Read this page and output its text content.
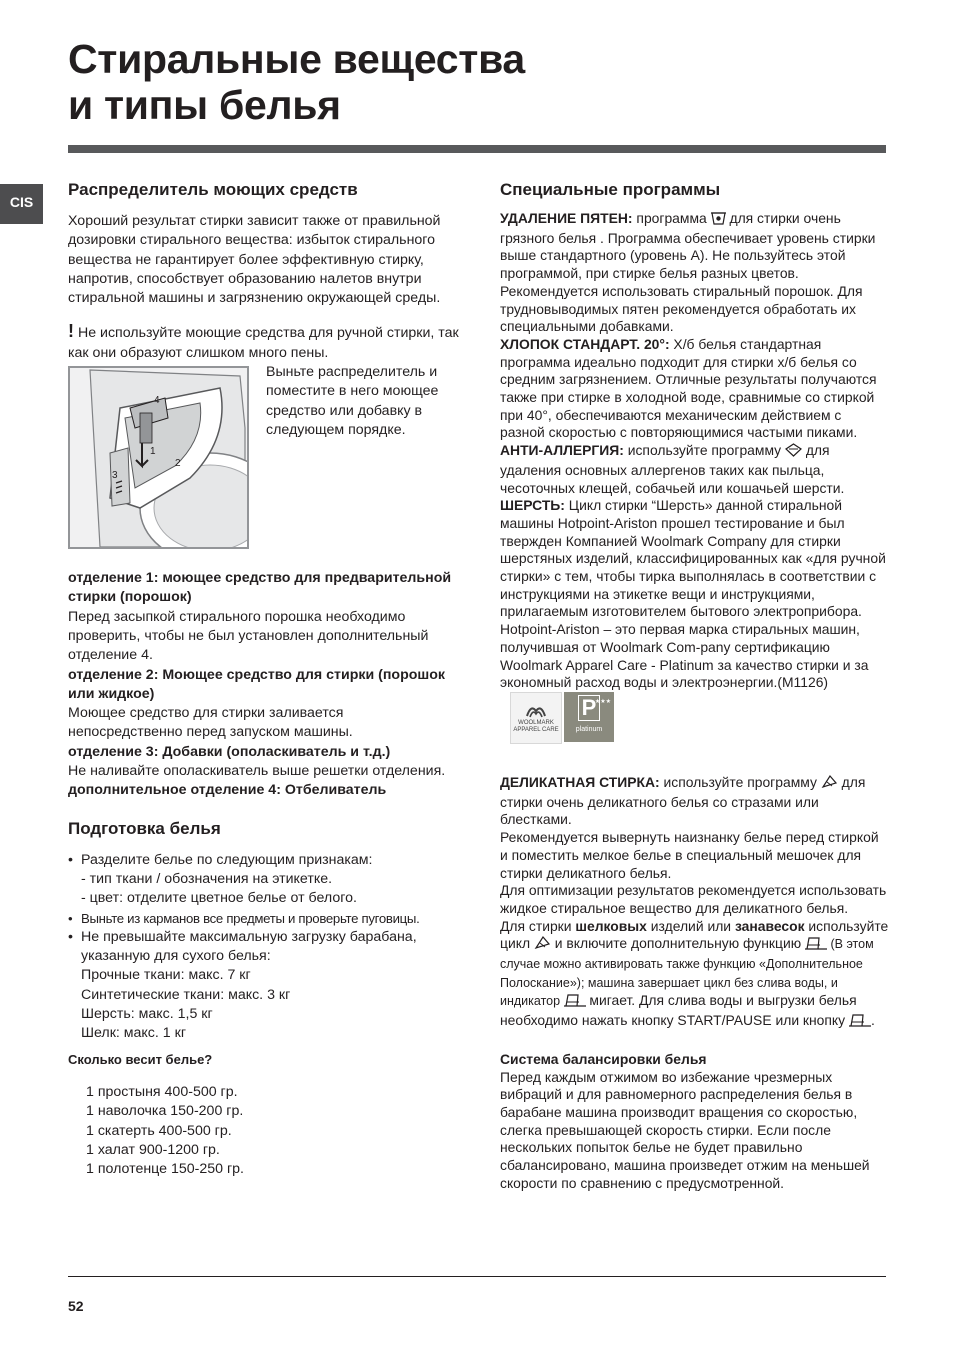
Стиральные вещества
и типы белья
CIS
Распределитель моющих средств

Хороший результат стирки зависит также от правильной дозировки стирального вещества: избыток стирального вещества не гарантирует более эффективную стирку, напротив, способствует образованию налетов внутри стиральной машины и загрязнению окружающей среды.

! Не используйте моющие средства для ручной стирки, так как они образуют слишком много пены.

4
1
2
3

Выньте распределитель и поместите в него моющее средство или добавку в следующем порядке.

отделение 1: моющее средство для предварительной стирки (порошок)

Перед засыпкой стирального порошка необходимо проверить, чтобы не был установлен дополнительный отделение 4.

отделение 2: Моющее средство для стирки (порошок или жидкое)

Моющее средство для стирки заливается непосредственно перед запуском машины.

отделение 3: Добавки (ополаскиватель и т.д.)

Не наливайте ополаскиватель выше решетки отделения.

дополнительное отделение 4: Отбеливатель

Подготовка белья
• Разделите белье по следующим признакам:
- тип ткани / обозначения на этикетке.
- цвет: отделите цветное белье от белого.
• Выньте из карманов все предметы и проверьте пуговицы.
• Не превышайте максимальную загрузку барабана, указанную для сухого белья:
Прочные ткани: макс. 7 кг
Синтетические ткани: макс. 3 кг
Шерсть: макс. 1,5 кг
Шелк: макс. 1 кг
Сколько весит белье?
1 простыня 400-500 гр.
1 наволочка 150-200 гр.
1 скатерть 400-500 гр.
1 халат 900-1200 гр.
1 полотенце 150-250 гр.
Специальные программы

УДАЛЕНИЕ ПЯТЕН: программа  для стирки очень грязного белья . Программа обеспечивает уровень стирки выше стандартного (уровень А). Не пользуйтесь этой программой, при стирке белья разных цветов. Рекомендуется использовать стиральный порошок. Для трудновыводимых пятен рекомендуется обработать их специальными добавками.

ХЛОПОК СТАНДАРТ. 20°: Х/б белья стандартная программа идеально подходит для стирки х/б белья со средним загрязнением. Отличные результаты получаются также при стирке в холодной воде, сравнимые со стиркой при 40°, обеспечиваются механическим действием с разной скоростью с повторяющимися частыми пиками.

АНТИ-АЛЛЕРГИЯ: используйте программу  для удаления основных аллергенов таких как пыльца, чесоточных клещей, собачьей или кошачьей шерсти.

ШЕРСТЬ: Цикл стирки “Шерсть» данной стиральной машины Hotpoint-Ariston прошел тестирование и был твержден Компанией Woolmark Company для стирки шерстяных изделий, классифицированных как «для ручной стирки» с тем, чтобы тирка выполнялась в соответствии с инструкциями на этикетке вещи и инструкциями, прилагаемым изготовителем бытового электроприбора. Hotpoint-Ariston – это первая марка стиральных машин, получившая от Woolmark Com-pany сертификацию Woolmark Apparel Care - Platinum за качество стирки и за экономный расход воды и электроэнергии.(M1126)
WOOLMARK
APPAREL CARE
★★★
P
platinum

ДЕЛИКАТНАЯ СТИРКА: используйте программу  для стирки очень деликатного белья со стразами или блестками.

Рекомендуется вывернуть наизнанку белье перед стиркой и поместить мелкое белье в специальный мешочек для стирки деликатного белья.

Для оптимизации результатов рекомендуется использовать жидкое стиральное вещество для деликатного белья.

Для стирки шелковых изделий или занавесок используйте цикл  и включите дополнительную функцию  (В этом случае можно активировать также функцию «Дополнительное Полоскание»); машина завершает цикл без слива воды, и индикатор  мигает. Для слива воды и выгрузки белья необходимо нажать кнопку START/PAUSE или кнопку .

Система балансировки белья

Перед каждым отжимом во избежание чрезмерных вибраций и для равномерного распределения белья в барабане машина производит вращения со скоростью, слегка превышающей скорость стирки. Если после нескольких попыток белье не будет правильно сбалансировано, машина произведет отжим на меньшей скорости по сравнению с предусмотренной.

52
